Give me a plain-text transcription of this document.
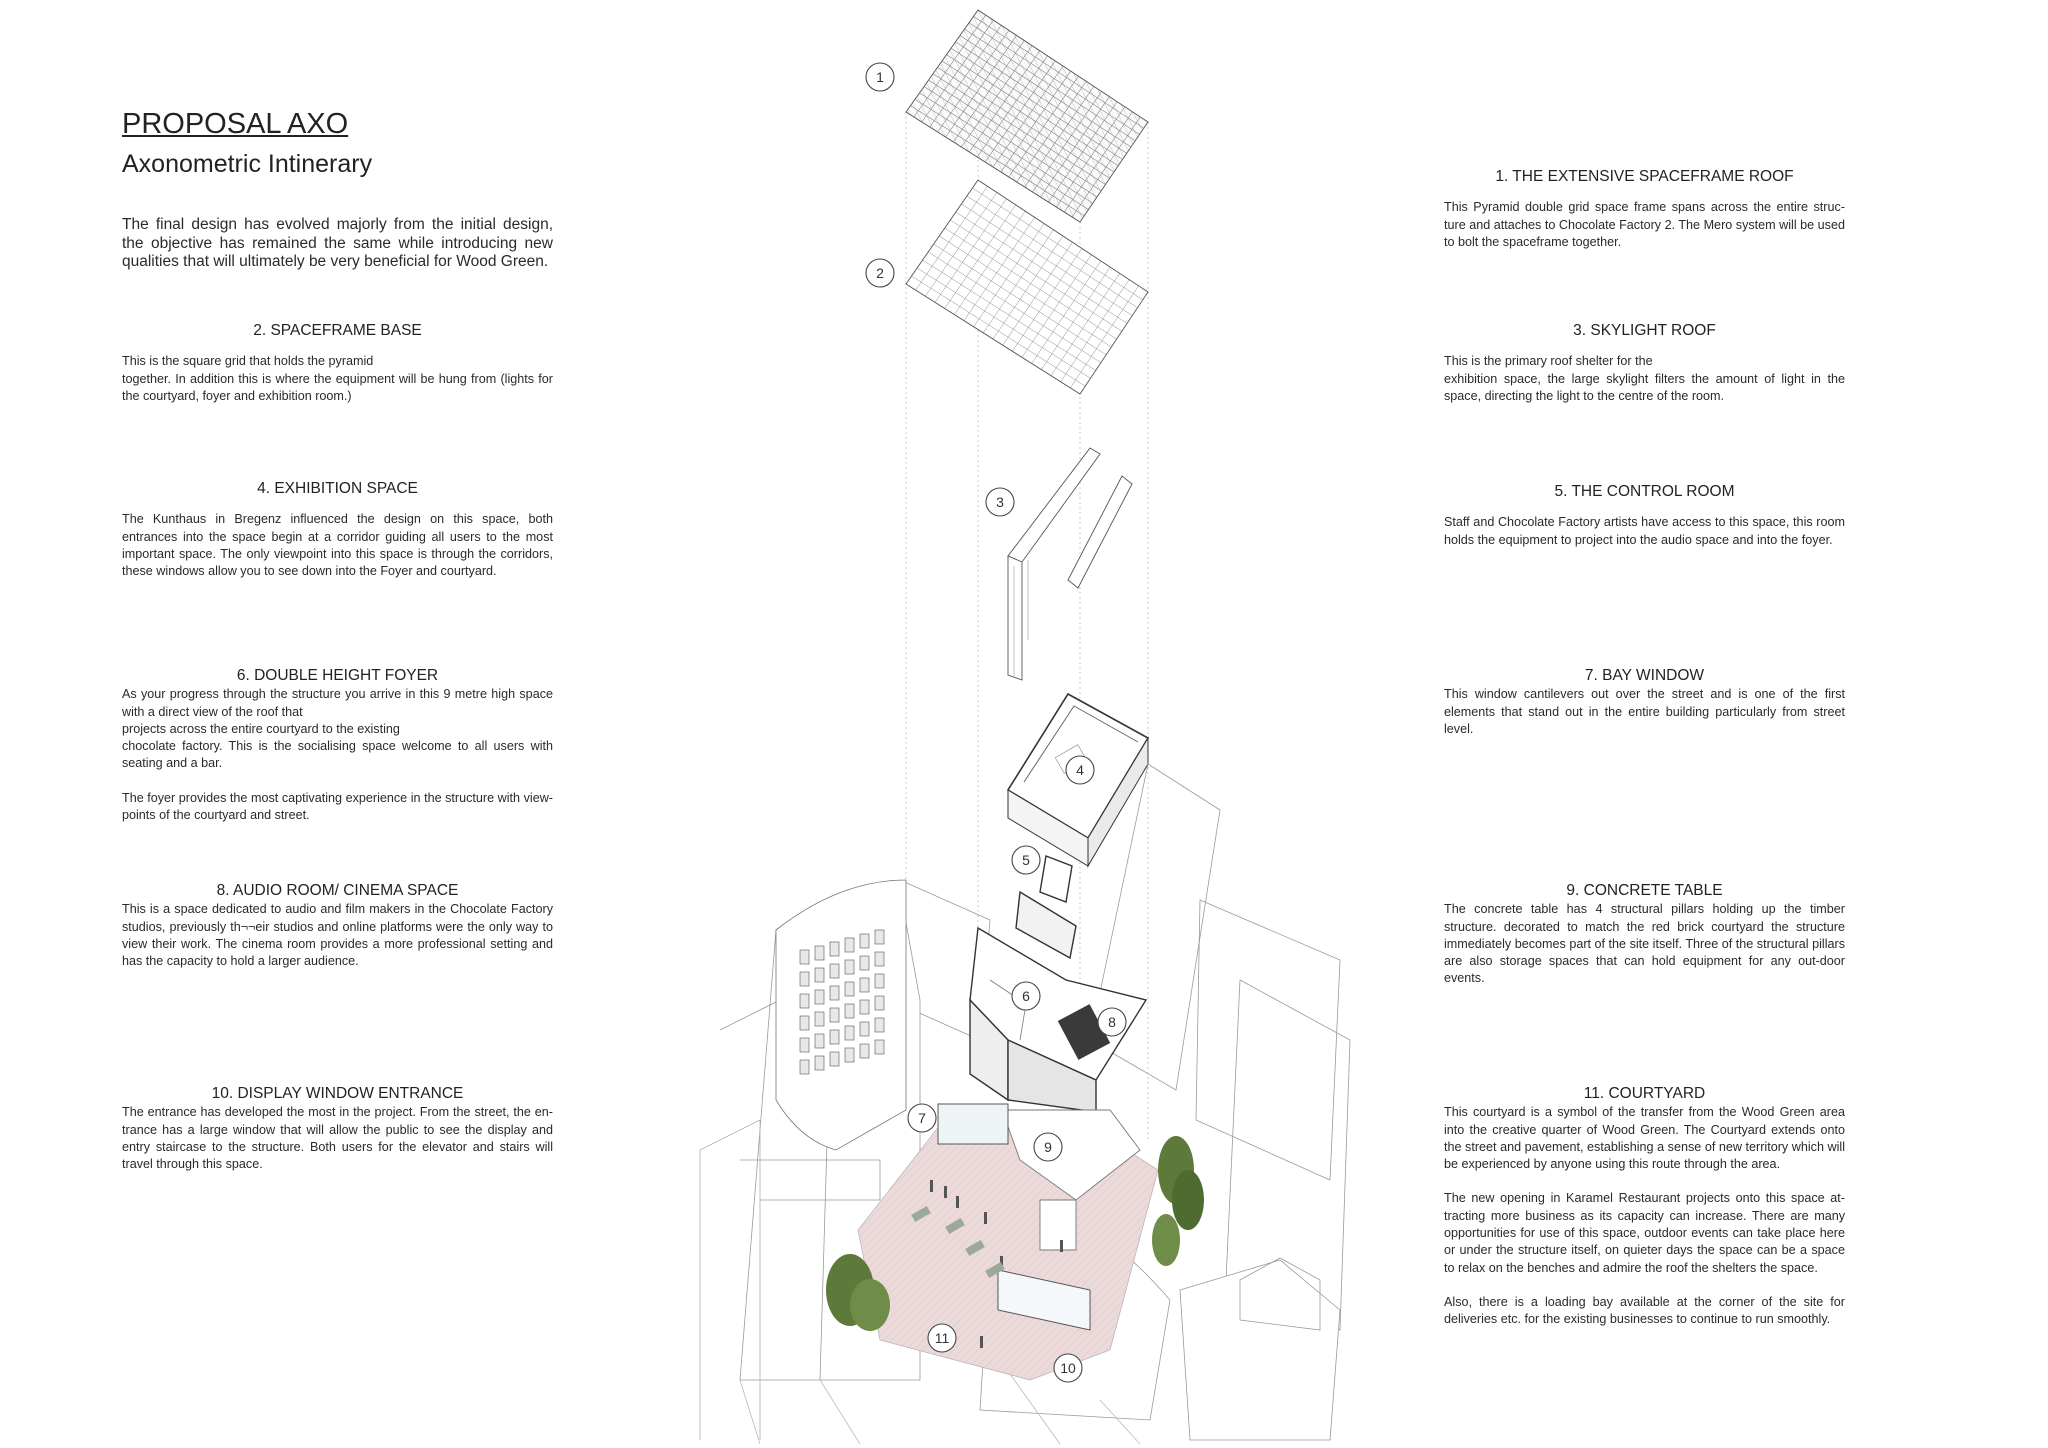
PROPOSAL AXO
Axonometric Intinerary

The final design has evolved majorly from the initial design, the objective has remained the same while introducing new qualities that will ultimately be very beneficial for Wood Green.

2. SPACEFRAME BASE

This is the square grid that holds the pyramid
together. In addition this is where the equipment will be hung from (lights for the courtyard, foyer and exhibition room.)

4. EXHIBITION SPACE

The Kunthaus in Bregenz influenced the design on this space, both entrances into the space begin at a corridor guiding all users to the most important space. The only viewpoint into this space is through the corridors, these windows allow you to see down into the Foyer and courtyard.

6. DOUBLE HEIGHT FOYER

As your progress through the structure you arrive in this 9 metre high space with a direct view of the roof that
projects across the entire courtyard to the existing
chocolate factory. This is the socialising space welcome to all users with seating and a bar.

The foyer provides the most captivating experience in the structure with view-points of the courtyard and street.

8. AUDIO ROOM/ CINEMA SPACE

This is a space dedicated to audio and film makers in the Chocolate Factory studios, previously th¬¬eir studios and online platforms were the only way to view their work. The cinema room provides a more professional setting and has the capacity to hold a larger audience.

10. DISPLAY WINDOW ENTRANCE

The entrance has developed the most in the project. From the street, the en-trance has a large window that will allow the public to see the display and entry staircase to the structure. Both users for the elevator and stairs will travel through this space.

1. THE EXTENSIVE SPACEFRAME ROOF

This Pyramid double grid space frame spans across the entire struc-ture and attaches to Chocolate Factory 2. The Mero system will be used to bolt the spaceframe together.

3. SKYLIGHT ROOF

This is the primary roof shelter for the
exhibition space, the large skylight filters the amount of light in the space, directing the light to the centre of the room.

5. THE CONTROL ROOM

Staff and Chocolate Factory artists have access to this space, this room holds the equipment to project into the audio space and into the foyer.

7. BAY WINDOW

This window cantilevers out over the street and is one of the first elements that stand out in the entire building particularly from street level.

9. CONCRETE TABLE

The concrete table has 4 structural pillars holding up the timber structure. decorated to match the red brick courtyard the structure immediately becomes part of the site itself. Three of the structural pillars are also storage spaces that can hold equipment for any out-door events.

11. COURTYARD

This courtyard is a symbol of the transfer from the Wood Green area into the creative quarter of Wood Green. The Courtyard extends onto the street and pavement, establishing a sense of new territory which will be experienced by anyone using this route through the area.

The new opening in Karamel Restaurant projects onto this space at-tracting more business as its capacity can increase. There are many opportunities for use of this space, outdoor events can take place here or under the structure itself, on quieter days the space can be a space to relax on the benches and admire the roof the shelters the space.

Also, there is a loading bay available at the corner of the site for deliveries etc. for the existing businesses to continue to run smoothly.

1
2
3
4
5
6
7
8
9
10
11
